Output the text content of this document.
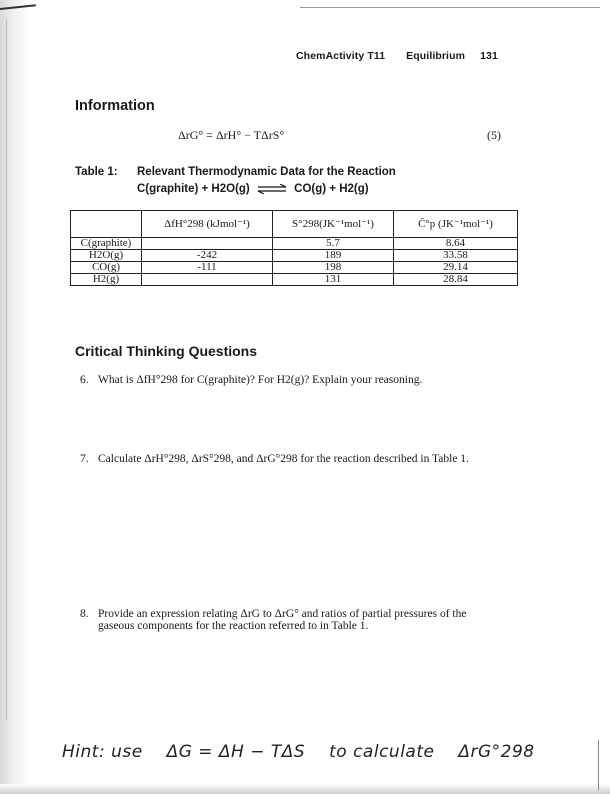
ChemActivity T11 Equilibrium 131
Information
ΔrG° = ΔrH° − TΔrS°	(5)
Table 1: Relevant Thermodynamic Data for the Reaction
C(graphite) + H2O(g) ⇌ CO(g) + H2(g)
	ΔfH°298 (kJmol⁻¹)	S°298(JK⁻¹mol⁻¹)	C̄°p (JK⁻¹mol⁻¹)
C(graphite)		5.7	8.64
H2O(g)	-242	189	33.58
CO(g)	-111	198	29.14
H2(g)		131	28.84
Critical Thinking Questions
6. What is ΔfH°298 for C(graphite)? For H2(g)? Explain your reasoning.
7. Calculate ΔrH°298, ΔrS°298, and ΔrG°298 for the reaction described in Table 1.
8. Provide an expression relating ΔrG to ΔrG° and ratios of partial pressures of the
gaseous components for the reaction referred to in Table 1.
Hint: use ΔG = ΔH − TΔS to calculate ΔrG°298
